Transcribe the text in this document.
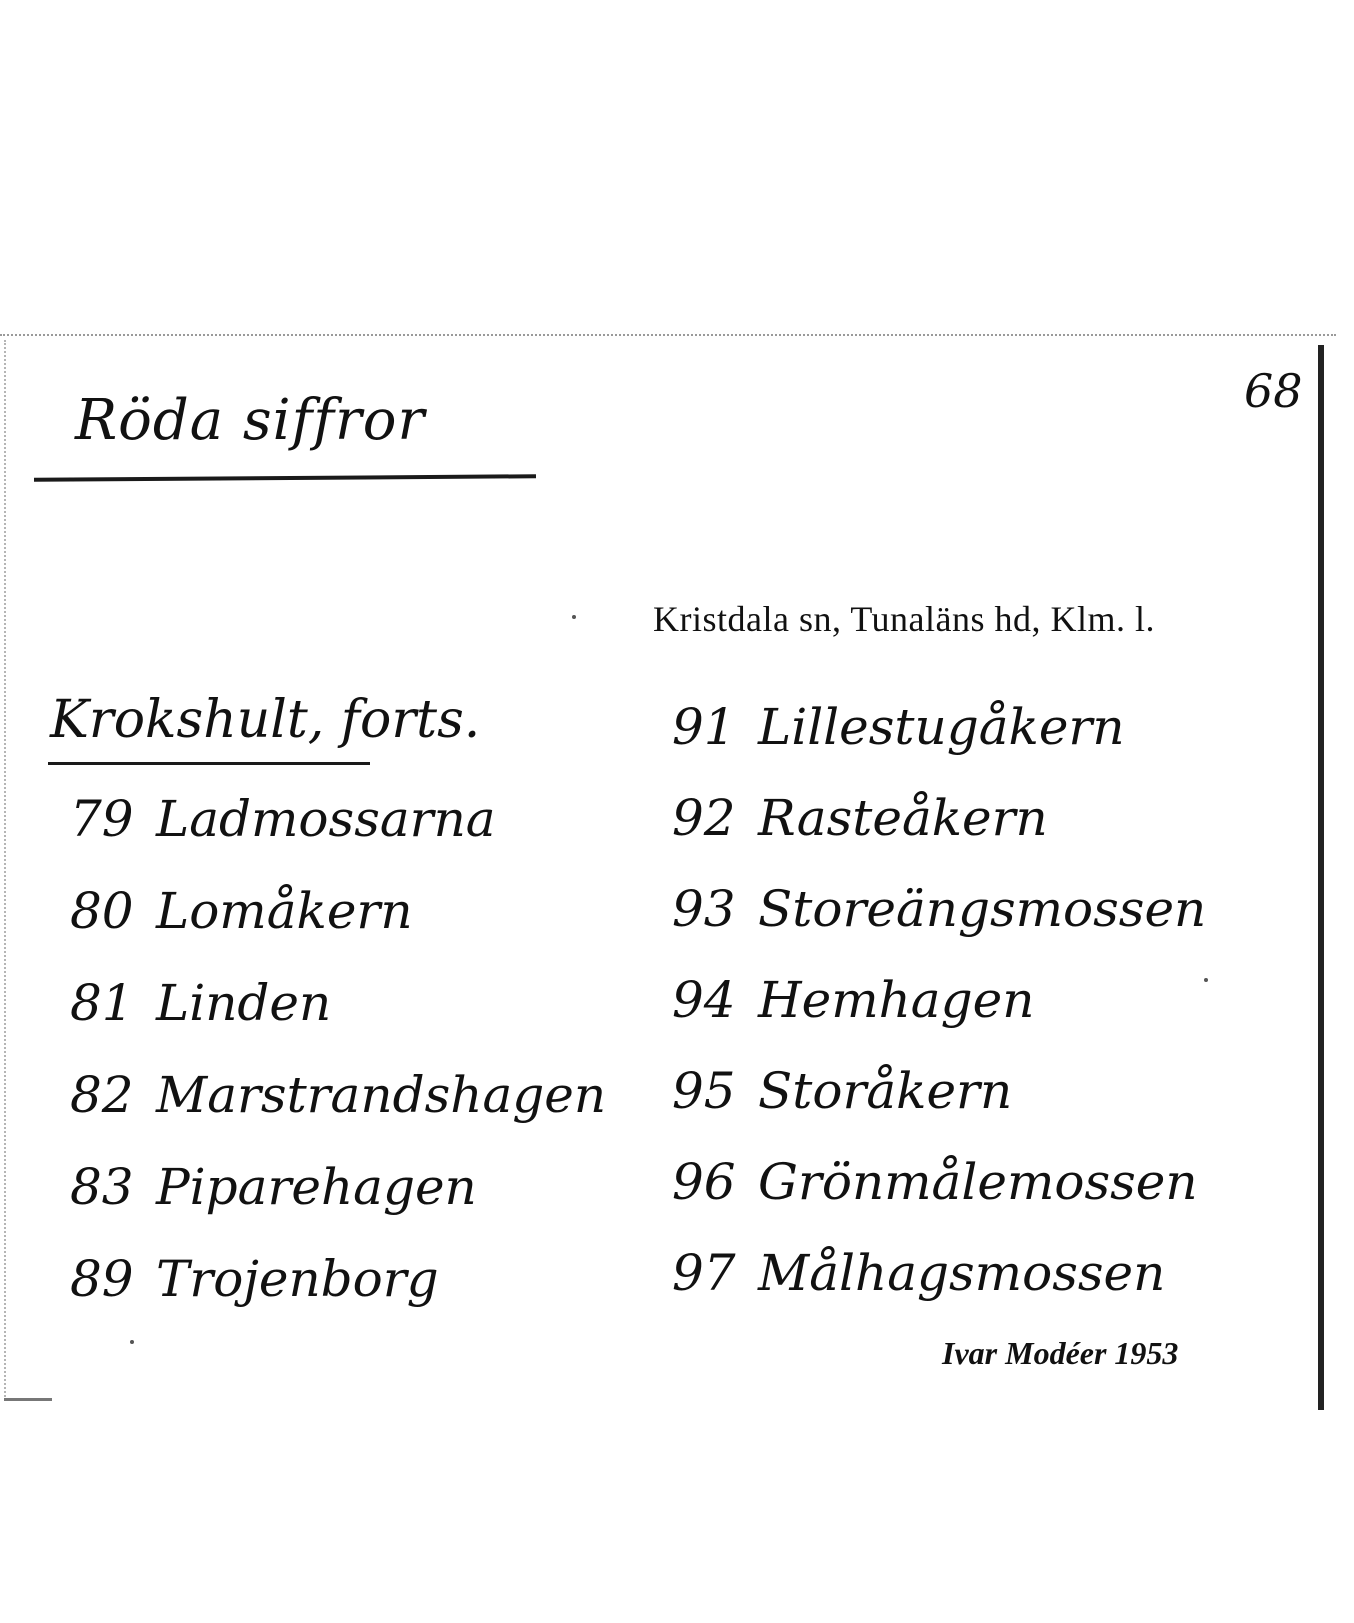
Röda siffror	68
Kristdala sn, Tunaläns hd, Klm. l.
Krokshult, forts.
79 Ladmossarna
80 Lomåkern
81 Linden
82 Marstrandshagen
83 Piparehagen
89 Trojenborg
91 Lillestugåkern
92 Rasteåkern
93 Storeängsmossen
94 Hemhagen
95 Storåkern
96 Grönmålemossen
97 Målhagsmossen
Ivar Modéer 1953
